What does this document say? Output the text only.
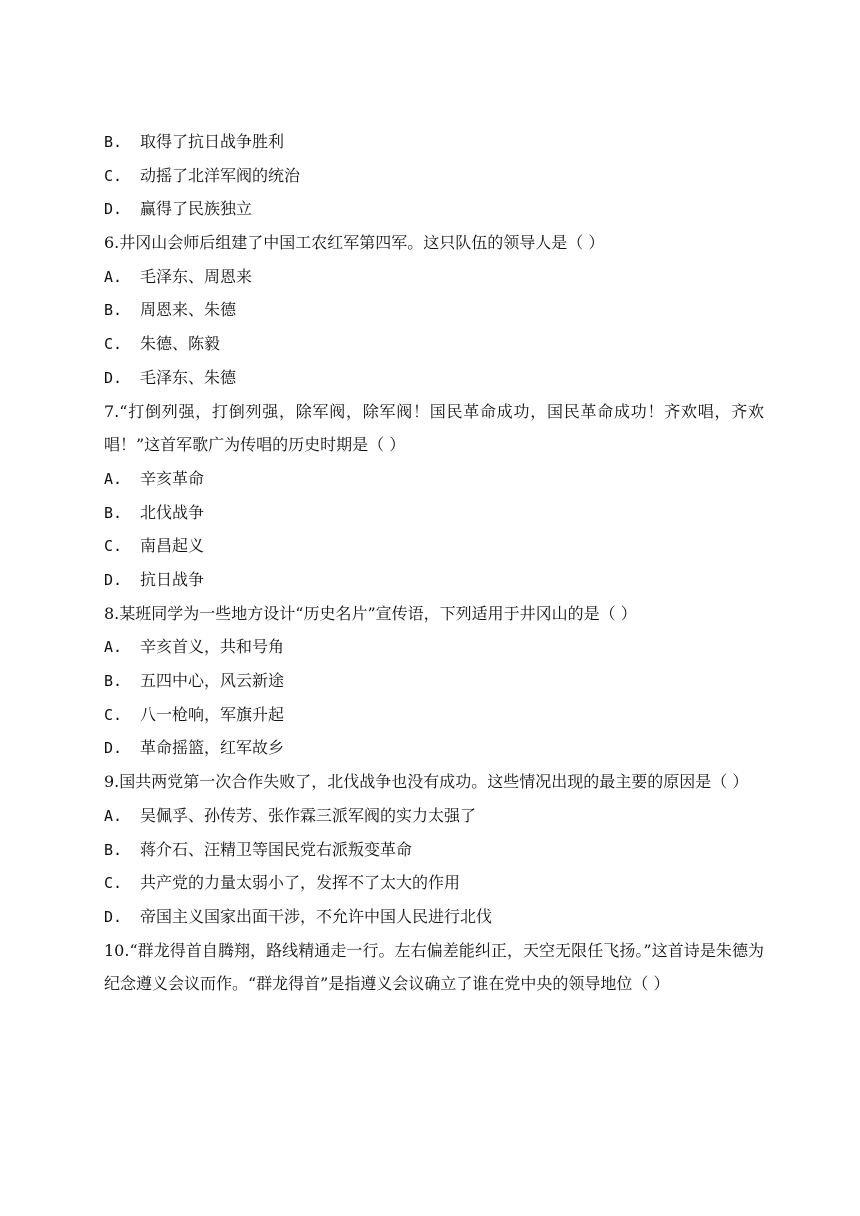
B.	取得了抗日战争胜利
C.	动摇了北洋军阀的统治
D.	赢得了民族独立
6.井冈山会师后组建了中国工农红军第四军。这只队伍的领导人是（ ）
A.	毛泽东、周恩来
B.	周恩来、朱德
C.	朱德、陈毅
D.	毛泽东、朱德
7.“打倒列强，打倒列强，除军阀，除军阀！国民革命成功，国民革命成功！齐欢唱，齐欢唱！”这首军歌广为传唱的历史时期是（ ）
A.	辛亥革命
B.	北伐战争
C.	南昌起义
D.	抗日战争
8.某班同学为一些地方设计“历史名片”宣传语，下列适用于井冈山的是（ ）
A.	辛亥首义，共和号角
B.	五四中心，风云新途
C.	八一枪响，军旗升起
D.	革命摇篮，红军故乡
9.国共两党第一次合作失败了，北伐战争也没有成功。这些情况出现的最主要的原因是（ ）
A.	吴佩孚、孙传芳、张作霖三派军阀的实力太强了
B.	蒋介石、汪精卫等国民党右派叛变革命
C.	共产党的力量太弱小了，发挥不了太大的作用
D.	帝国主义国家出面干涉，不允许中国人民进行北伐
10.“群龙得首自腾翔，路线精通走一行。左右偏差能纠正，天空无限任飞扬。”这首诗是朱德为纪念遵义会议而作。“群龙得首”是指遵义会议确立了谁在党中央的领导地位（ ）
